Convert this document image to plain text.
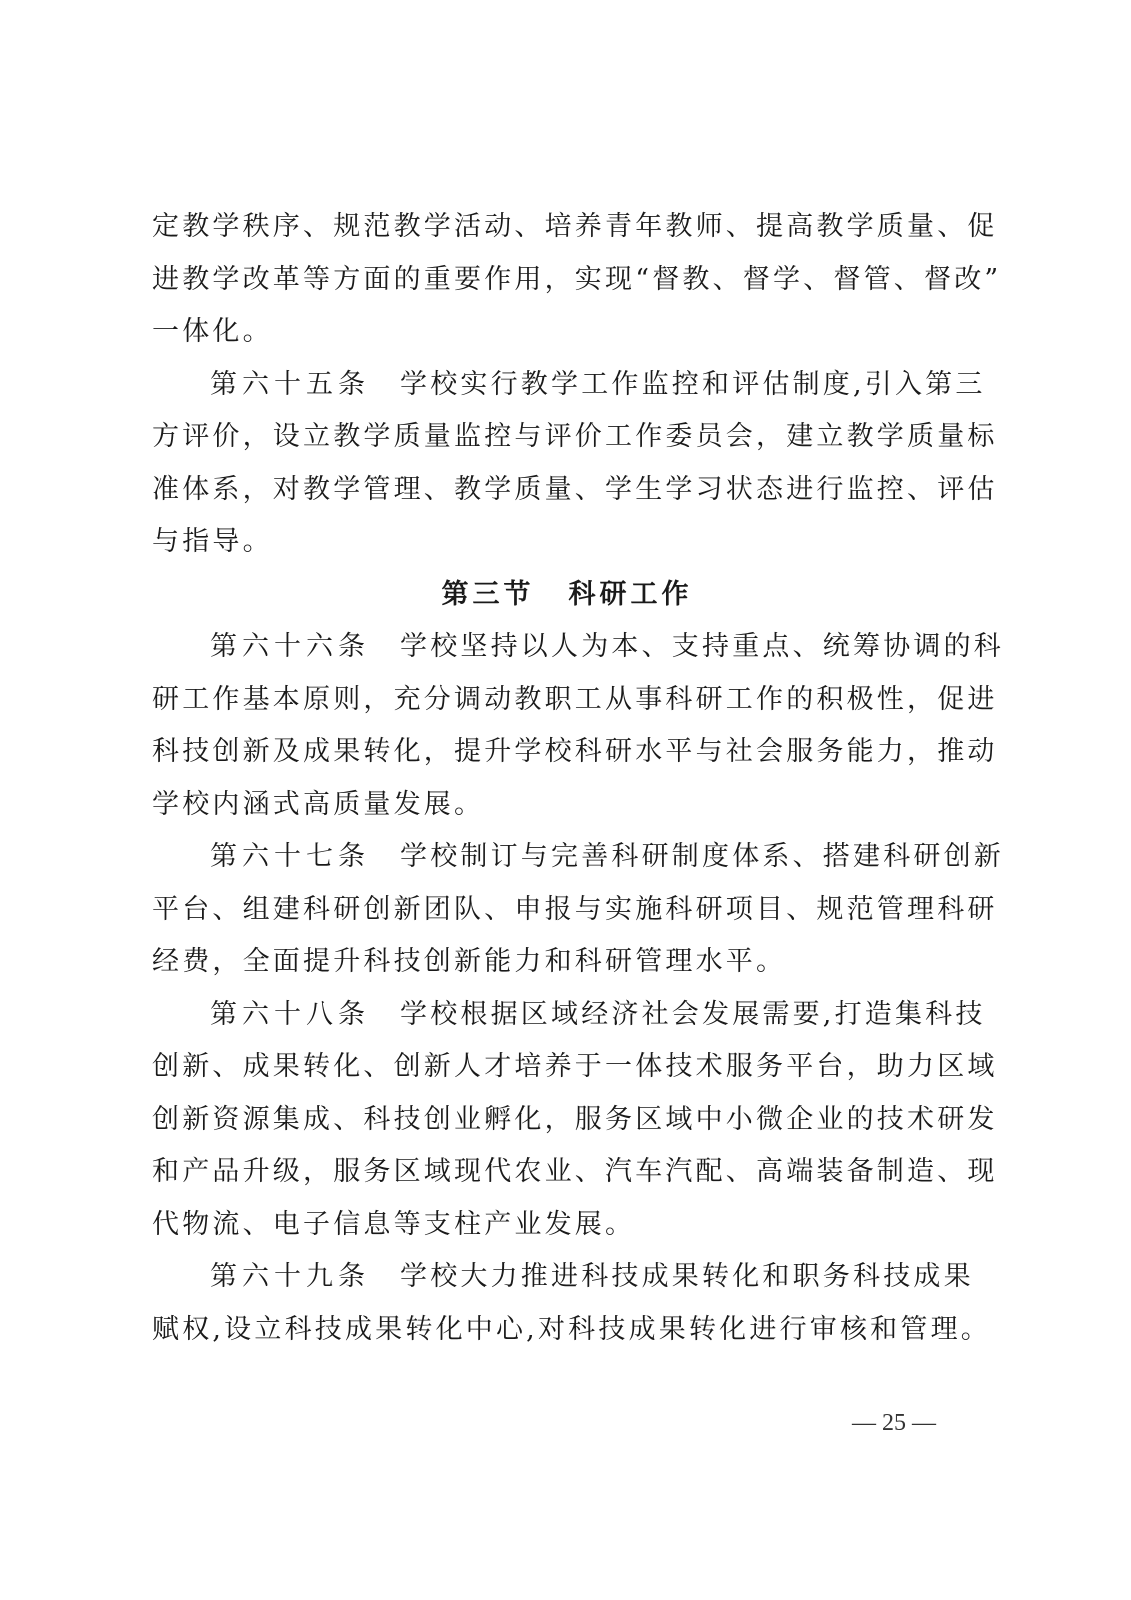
定教学秩序、规范教学活动、培养青年教师、提高教学质量、促
进教学改革等方面的重要作用，实现“督教、督学、督管、督改”
一体化。
第六十五条 学校实行教学工作监控和评估制度,引入第三
方评价，设立教学质量监控与评价工作委员会，建立教学质量标
准体系，对教学管理、教学质量、学生学习状态进行监控、评估
与指导。
第三节 科研工作
第六十六条 学校坚持以人为本、支持重点、统筹协调的科
研工作基本原则，充分调动教职工从事科研工作的积极性，促进
科技创新及成果转化，提升学校科研水平与社会服务能力，推动
学校内涵式高质量发展。
第六十七条 学校制订与完善科研制度体系、搭建科研创新
平台、组建科研创新团队、申报与实施科研项目、规范管理科研
经费，全面提升科技创新能力和科研管理水平。
第六十八条 学校根据区域经济社会发展需要,打造集科技
创新、成果转化、创新人才培养于一体技术服务平台，助力区域
创新资源集成、科技创业孵化，服务区域中小微企业的技术研发
和产品升级，服务区域现代农业、汽车汽配、高端装备制造、现
代物流、电子信息等支柱产业发展。
第六十九条 学校大力推进科技成果转化和职务科技成果
赋权,设立科技成果转化中心,对科技成果转化进行审核和管理。
— 25 —
